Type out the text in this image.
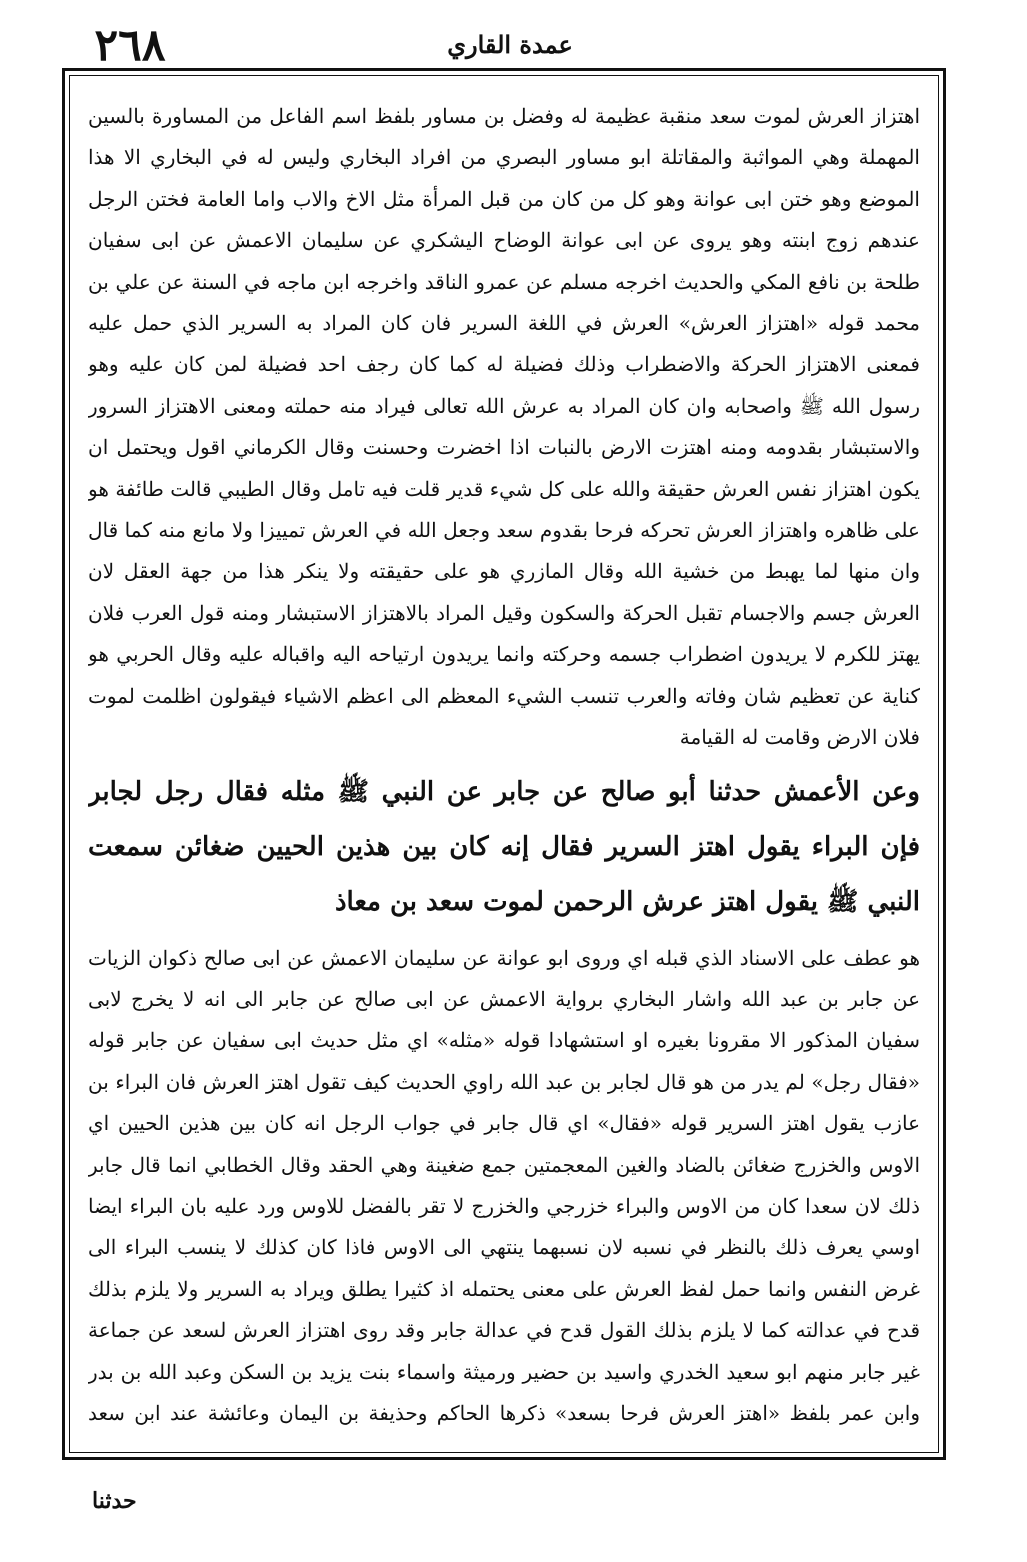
٢٦٨	عمدة القاري

اهتزاز العرش لموت سعد منقبة عظيمة له وفضل بن مساور بلفظ اسم الفاعل من المساورة بالسين المهملة وهي المواثبة والمقاتلة ابو مساور البصري من افراد البخاري وليس له في البخاري الا هذا الموضع وهو ختن ابى عوانة وهو كل من كان من قبل المرأة مثل الاخ والاب واما العامة فختن الرجل عندهم زوج ابنته وهو يروى عن ابى عوانة الوضاح اليشكري عن سليمان الاعمش عن ابى سفيان طلحة بن نافع المكي والحديث اخرجه مسلم عن عمرو الناقد واخرجه ابن ماجه في السنة عن علي بن محمد قوله «اهتزاز العرش» العرش في اللغة السرير فان كان المراد به السرير الذي حمل عليه فمعنى الاهتزاز الحركة والاضطراب وذلك فضيلة له كما كان رجف احد فضيلة لمن كان عليه وهو رسول الله ﷺ واصحابه وان كان المراد به عرش الله تعالى فيراد منه حملته ومعنى الاهتزاز السرور والاستبشار بقدومه ومنه اهتزت الارض بالنبات اذا اخضرت وحسنت وقال الكرماني اقول ويحتمل ان يكون اهتزاز نفس العرش حقيقة والله على كل شيء قدير قلت فيه تامل وقال الطيبي قالت طائفة هو على ظاهره واهتزاز العرش تحركه فرحا بقدوم سعد وجعل الله في العرش تمييزا ولا مانع منه كما قال وان منها لما يهبط من خشية الله وقال المازري هو على حقيقته ولا ينكر هذا من جهة العقل لان العرش جسم والاجسام تقبل الحركة والسكون وقيل المراد بالاهتزاز الاستبشار ومنه قول العرب فلان يهتز للكرم لا يريدون اضطراب جسمه وحركته وانما يريدون ارتياحه اليه واقباله عليه وقال الحربي هو كناية عن تعظيم شان وفاته والعرب تنسب الشيء المعظم الى اعظم الاشياء فيقولون اظلمت لموت فلان الارض وقامت له القيامة

وعن الأعمش حدثنا أبو صالح عن جابر عن النبي ﷺ مثله فقال رجل لجابر فإن البراء يقول اهتز السرير فقال إنه كان بين هذين الحيين ضغائن سمعت النبي ﷺ يقول اهتز عرش الرحمن لموت سعد بن معاذ

هو عطف على الاسناد الذي قبله اي وروى ابو عوانة عن سليمان الاعمش عن ابى صالح ذكوان الزيات عن جابر بن عبد الله واشار البخاري برواية الاعمش عن ابى صالح عن جابر الى انه لا يخرج لابى سفيان المذكور الا مقرونا بغيره او استشهادا قوله «مثله» اي مثل حديث ابى سفيان عن جابر قوله «فقال رجل» لم يدر من هو قال لجابر بن عبد الله راوي الحديث كيف تقول اهتز العرش فان البراء بن عازب يقول اهتز السرير قوله «فقال» اي قال جابر في جواب الرجل انه كان بين هذين الحيين اي الاوس والخزرج ضغائن بالضاد والغين المعجمتين جمع ضغينة وهي الحقد وقال الخطابي انما قال جابر ذلك لان سعدا كان من الاوس والبراء خزرجي والخزرج لا تقر بالفضل للاوس ورد عليه بان البراء ايضا اوسي يعرف ذلك بالنظر في نسبه لان نسبهما ينتهي الى الاوس فاذا كان كذلك لا ينسب البراء الى غرض النفس وانما حمل لفظ العرش على معنى يحتمله اذ كثيرا يطلق ويراد به السرير ولا يلزم بذلك قدح في عدالته كما لا يلزم بذلك القول قدح في عدالة جابر وقد روى اهتزاز العرش لسعد عن جماعة غير جابر منهم ابو سعيد الخدري واسيد بن حضير ورميثة واسماء بنت يزيد بن السكن وعبد الله بن بدر وابن عمر بلفظ «اهتز العرش فرحا بسعد» ذكرها الحاكم وحذيفة بن اليمان وعائشة عند ابن سعد

حدثنا
